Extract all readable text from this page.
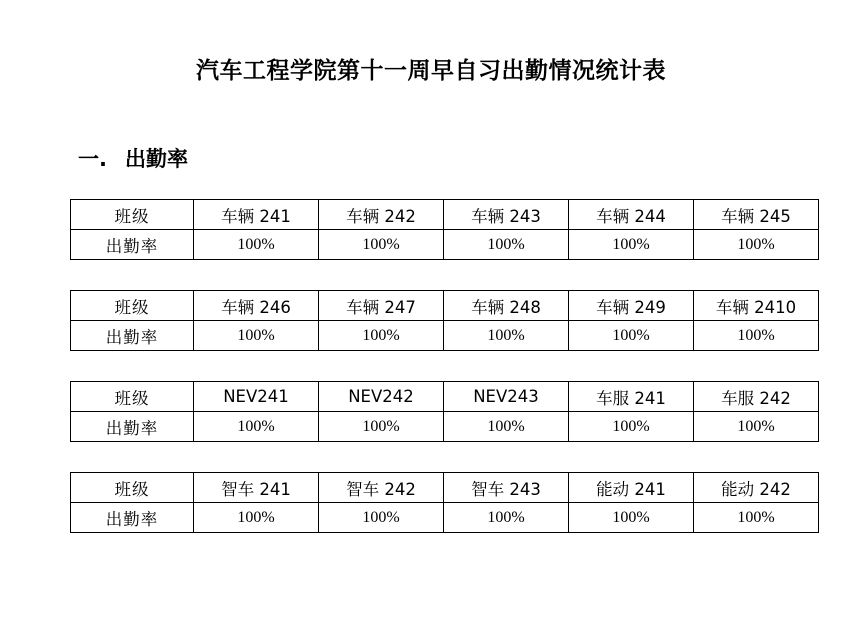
汽车工程学院第十一周早自习出勤情况统计表
一. 出勤率
班级	车辆 241	车辆 242	车辆 243	车辆 244	车辆 245
出勤率	100%	100%	100%	100%	100%
班级	车辆 246	车辆 247	车辆 248	车辆 249	车辆 2410
出勤率	100%	100%	100%	100%	100%
班级	NEV241	NEV242	NEV243	车服 241	车服 242
出勤率	100%	100%	100%	100%	100%
班级	智车 241	智车 242	智车 243	能动 241	能动 242
出勤率	100%	100%	100%	100%	100%
